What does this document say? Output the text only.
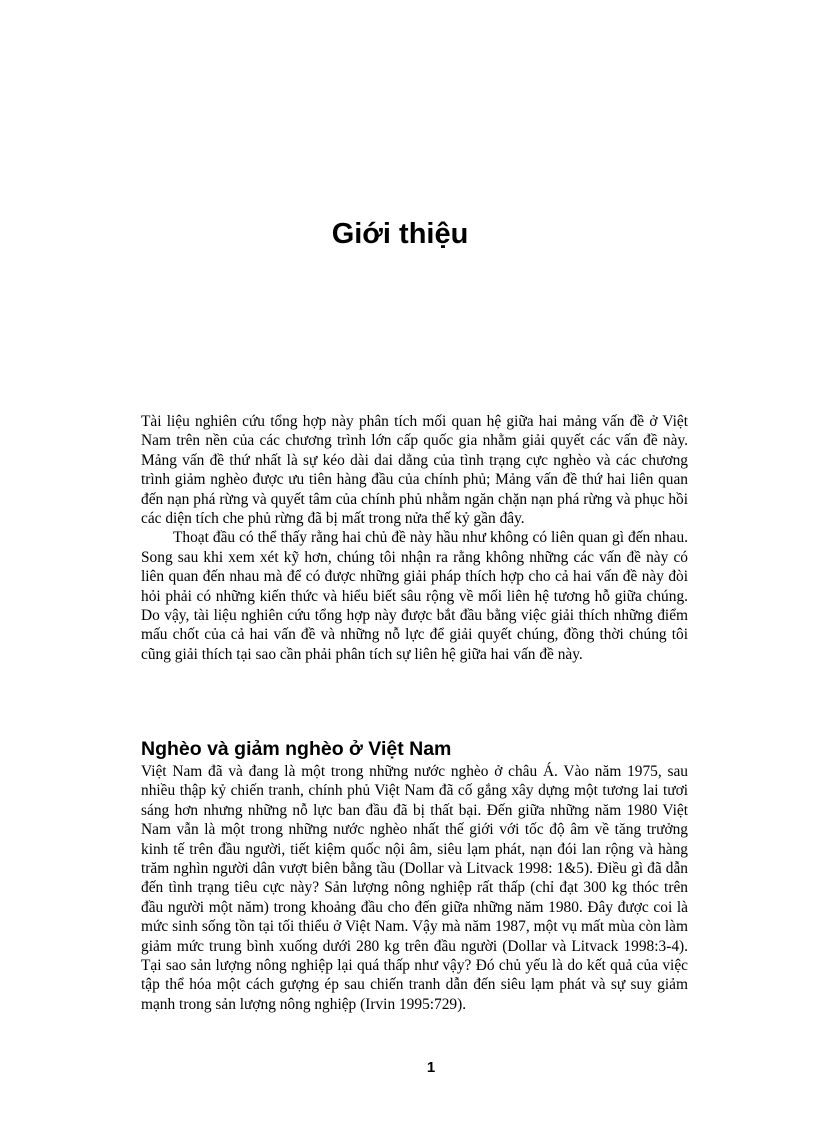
Giới thiệu

Tài liệu nghiên cứu tổng hợp này phân tích mối quan hệ giữa hai mảng vấn đề ở Việt Nam trên nền của các chương trình lớn cấp quốc gia nhằm giải quyết các vấn đề này. Mảng vấn đề thứ nhất là sự kéo dài dai dẳng của tình trạng cực nghèo và các chương trình giảm nghèo được ưu tiên hàng đầu của chính phủ; Mảng vấn đề thứ hai liên quan đến nạn phá rừng và quyết tâm của chính phủ nhằm ngăn chặn nạn phá rừng và phục hồi các diện tích che phủ rừng đã bị mất trong nửa thế kỷ gần đây.

Thoạt đầu có thể thấy rằng hai chủ đề này hầu như không có liên quan gì đến nhau. Song sau khi xem xét kỹ hơn, chúng tôi nhận ra rằng không những các vấn đề này có liên quan đến nhau mà để có được những giải pháp thích hợp cho cả hai vấn đề này đòi hỏi phải có những kiến thức và hiểu biết sâu rộng về mối liên hệ tương hỗ giữa chúng. Do vậy, tài liệu nghiên cứu tổng hợp này được bắt đầu bằng việc giải thích những điểm mấu chốt của cả hai vấn đề và những nỗ lực để giải quyết chúng, đồng thời chúng tôi cũng giải thích tại sao cần phải phân tích sự liên hệ giữa hai vấn đề này.

Nghèo và giảm nghèo ở Việt Nam

Việt Nam đã và đang là một trong những nước nghèo ở châu Á. Vào năm 1975, sau nhiều thập kỷ chiến tranh, chính phủ Việt Nam đã cố gắng xây dựng một tương lai tươi sáng hơn nhưng những nỗ lực ban đầu đã bị thất bại. Đến giữa những năm 1980 Việt Nam vẫn là một trong những nước nghèo nhất thế giới với tốc độ âm về tăng trưởng kinh tế trên đầu người, tiết kiệm quốc nội âm, siêu lạm phát, nạn đói lan rộng và hàng trăm nghìn người dân vượt biên bằng tầu (Dollar và Litvack 1998: 1&5). Điều gì đã dẫn đến tình trạng tiêu cực này? Sản lượng nông nghiệp rất thấp (chỉ đạt 300 kg thóc trên đầu người một năm) trong khoảng đầu cho đến giữa những năm 1980. Đây được coi là mức sinh sống tồn tại tối thiểu ở Việt Nam. Vậy mà năm 1987, một vụ mất mùa còn làm giảm mức trung bình xuống dưới 280 kg trên đầu người (Dollar và Litvack 1998:3-4). Tại sao sản lượng nông nghiệp lại quá thấp như vậy? Đó chủ yếu là do kết quả của việc tập thể hóa một cách gượng ép sau chiến tranh dẫn đến siêu lạm phát và sự suy giảm mạnh trong sản lượng nông nghiệp (Irvin 1995:729).

1
